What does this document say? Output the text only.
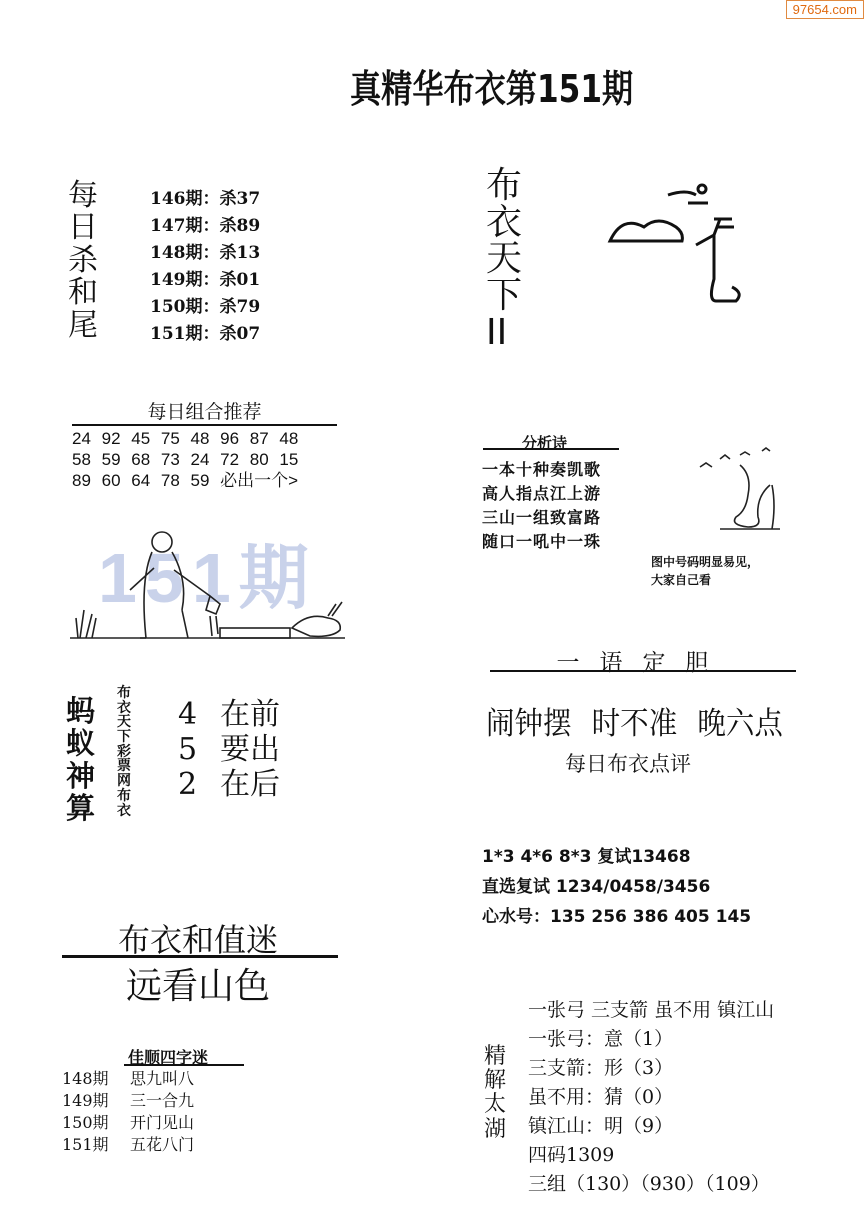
97654.com
真精华布衣第151期
每
日
杀
和
尾
146期：杀37
147期：杀89
148期：杀13
149期：杀01
150期：杀79
151期：杀07
每日组合推荐
24 92 45 75 48 96 87 48
58 59 68 73 24 72 80 15
89 60 64 78 59 必出一个>
151期
蚂
蚁
神
算
布
衣
天
下
彩
票
网
布
衣
4 在前
5 要出
2 在后
布衣和值迷
远看山色
佳顺四字迷
148期 思九叫八
149期 三一合九
150期 开门见山
151期 五花八门
布
衣
天
下
II
分析诗
一本十种奏凯歌
高人指点江上游
三山一组致富路
随口一吼中一珠
图中号码明显易见，
大家自己看
一语定胆
闹钟摆 时不准 晚六点
每日布衣点评
1*3 4*6 8*3 复试13468
直选复试 1234/0458/3456
心水号：135 256 386 405 145
精
解
太
湖
一张弓 三支箭 虽不用 镇江山
一张弓：意（1）
三支箭：形（3）
虽不用：猜（0）
镇江山：明（9）
四码1309
三组（130）（930）（109）
